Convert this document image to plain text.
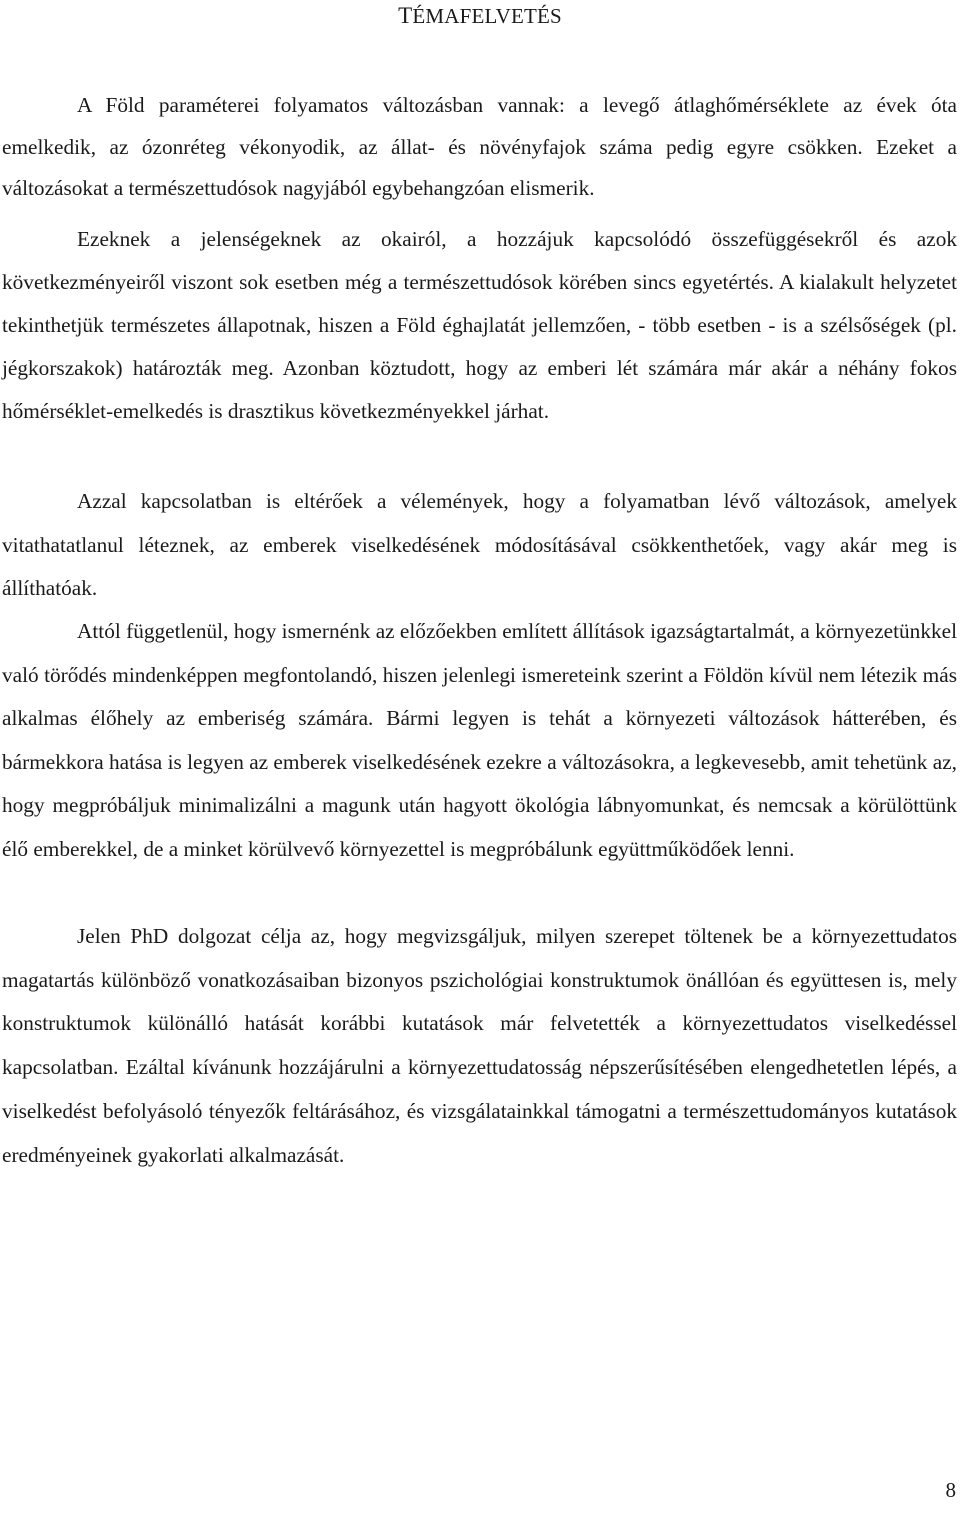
TÉMAFELVETÉS

A Föld paraméterei folyamatos változásban vannak: a levegő átlaghőmérséklete az évek óta emelkedik, az ózonréteg vékonyodik, az állat- és növényfajok száma pedig egyre csökken. Ezeket a változásokat a természettudósok nagyjából egybehangzóan elismerik.

Ezeknek a jelenségeknek az okairól, a hozzájuk kapcsolódó összefüggésekről és azok következményeiről viszont sok esetben még a természettudósok körében sincs egyetértés. A kialakult helyzetet tekinthetjük természetes állapotnak, hiszen a Föld éghajlatát jellemzően, - több esetben - is a szélsőségek (pl. jégkorszakok) határozták meg. Azonban köztudott, hogy az emberi lét számára már akár a néhány fokos hőmérséklet-emelkedés is drasztikus következményekkel járhat.

Azzal kapcsolatban is eltérőek a vélemények, hogy a folyamatban lévő változások, amelyek vitathatatlanul léteznek, az emberek viselkedésének módosításával csökkenthetőek, vagy akár meg is állíthatóak.

Attól függetlenül, hogy ismernénk az előzőekben említett állítások igazságtartalmát, a környezetünkkel való törődés mindenképpen megfontolandó, hiszen jelenlegi ismereteink szerint a Földön kívül nem létezik más alkalmas élőhely az emberiség számára. Bármi legyen is tehát a környezeti változások hátterében, és bármekkora hatása is legyen az emberek viselkedésének ezekre a változásokra, a legkevesebb, amit tehetünk az, hogy megpróbáljuk minimalizálni a magunk után hagyott ökológia lábnyomunkat, és nemcsak a körülöttünk élő emberekkel, de a minket körülvevő környezettel is megpróbálunk együttműködőek lenni.

Jelen PhD dolgozat célja az, hogy megvizsgáljuk, milyen szerepet töltenek be a környezettudatos magatartás különböző vonatkozásaiban bizonyos pszichológiai konstruktumok önállóan és együttesen is, mely konstruktumok különálló hatását korábbi kutatások már felvetették a környezettudatos viselkedéssel kapcsolatban. Ezáltal kívánunk hozzájárulni a környezettudatosság népszerűsítésében elengedhetetlen lépés, a viselkedést befolyásoló tényezők feltárásához, és vizsgálatainkkal támogatni a természettudományos kutatások eredményeinek gyakorlati alkalmazását.

8
